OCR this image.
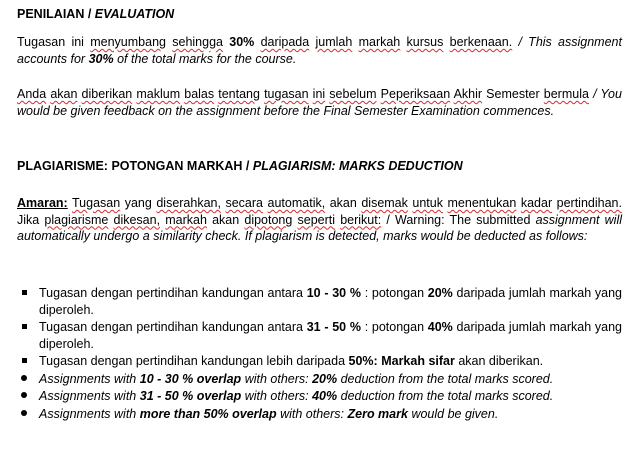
PENILAIAN / EVALUATION

Tugasan ini menyumbang sehingga 30% daripada jumlah markah kursus berkenaan. / This assignment accounts for 30% of the total marks for the course.

Anda akan diberikan maklum balas tentang tugasan ini sebelum Peperiksaan Akhir Semester bermula / You would be given feedback on the assignment before the Final Semester Examination commences.

PLAGIARISME: POTONGAN MARKAH / PLAGIARISM: MARKS DEDUCTION

Amaran: Tugasan yang diserahkan, secara automatik, akan disemak untuk menentukan kadar pertindihan. Jika plagiarisme dikesan, markah akan dipotong seperti berikut: / Warning: The submitted assignment will automatically undergo a similarity check. If plagiarism is detected, marks would be deducted as follows:

Tugasan dengan pertindihan kandungan antara 10 - 30 % : potongan 20% daripada jumlah markah yang diperoleh.
Tugasan dengan pertindihan kandungan antara 31 - 50 % : potongan 40% daripada jumlah markah yang diperoleh.
Tugasan dengan pertindihan kandungan lebih daripada 50%: Markah sifar akan diberikan.
Assignments with 10 - 30 % overlap with others: 20% deduction from the total marks scored.
Assignments with 31 - 50 % overlap with others: 40% deduction from the total marks scored.
Assignments with more than 50% overlap with others: Zero mark would be given.
